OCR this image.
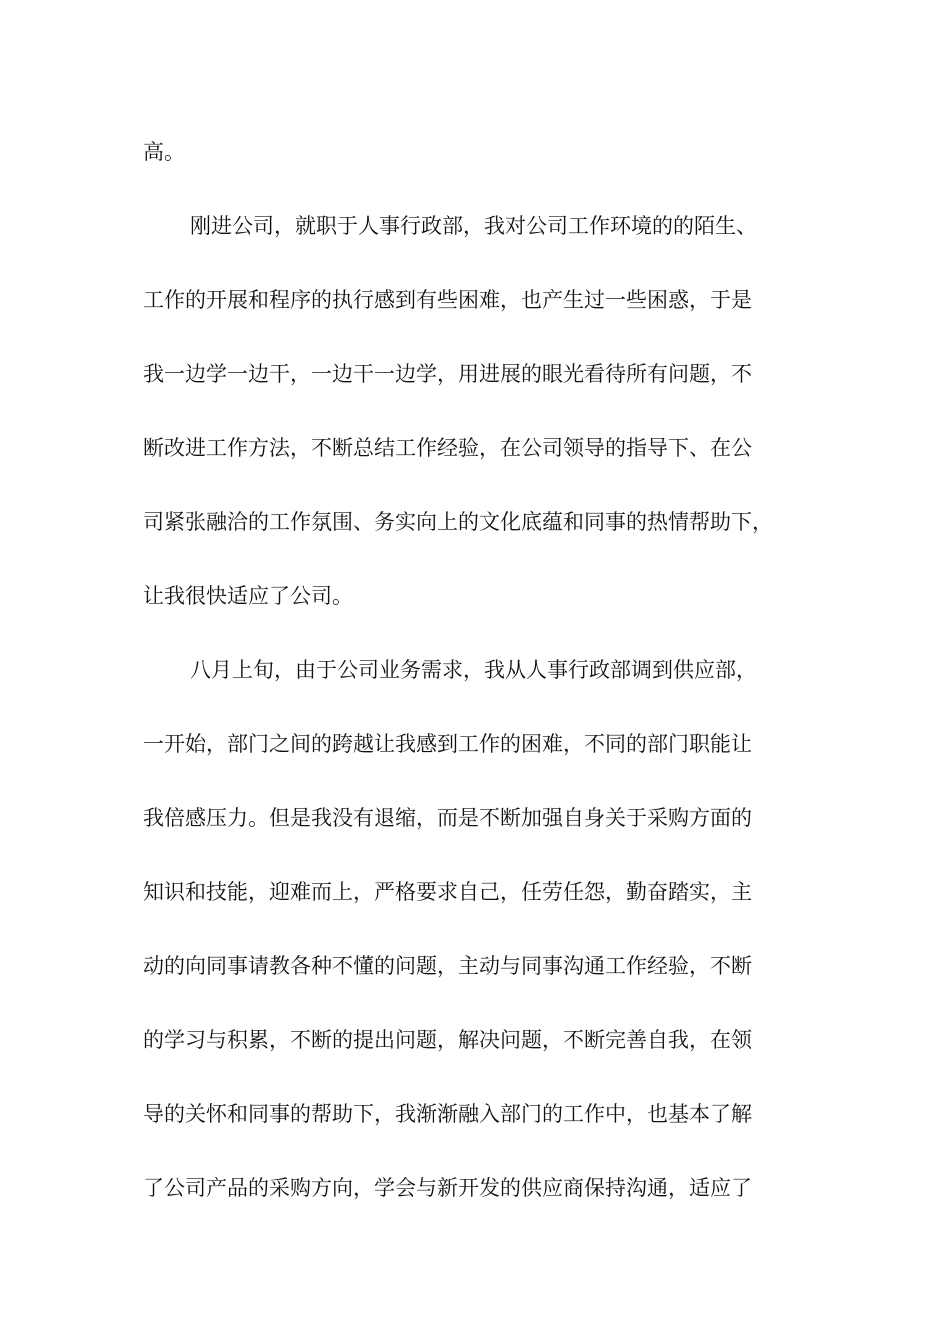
高。

刚进公司，就职于人事行政部，我对公司工作环境的的陌生、

工作的开展和程序的执行感到有些困难，也产生过一些困惑，于是

我一边学一边干，一边干一边学，用进展的眼光看待所有问题，不

断改进工作方法，不断总结工作经验，在公司领导的指导下、在公

司紧张融洽的工作氛围、务实向上的文化底蕴和同事的热情帮助下，

让我很快适应了公司。

八月上旬，由于公司业务需求，我从人事行政部调到供应部，

一开始，部门之间的跨越让我感到工作的困难，不同的部门职能让

我倍感压力。但是我没有退缩，而是不断加强自身关于采购方面的

知识和技能，迎难而上，严格要求自己，任劳任怨，勤奋踏实，主

动的向同事请教各种不懂的问题，主动与同事沟通工作经验，不断

的学习与积累，不断的提出问题，解决问题，不断完善自我，在领

导的关怀和同事的帮助下，我渐渐融入部门的工作中，也基本了解

了公司产品的采购方向，学会与新开发的供应商保持沟通，适应了
